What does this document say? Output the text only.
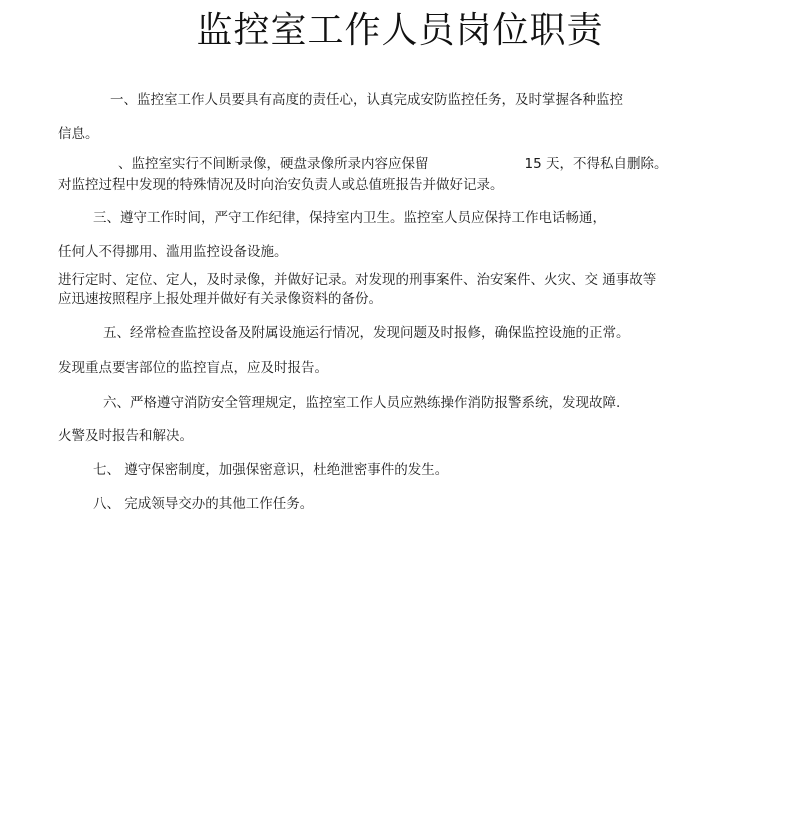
监控室工作人员岗位职责
一、监控室工作人员要具有高度的责任心，认真完成安防监控任务，及时掌握各种监控
信息。
、监控室实行不间断录像，硬盘录像所录内容应保留	15 天，不得私自删除。
对监控过程中发现的特殊情况及时向治安负责人或总值班报告并做好记录。
三、遵守工作时间，严守工作纪律，保持室内卫生。监控室人员应保持工作电话畅通，
任何人不得挪用、滥用监控设备设施。
进行定时、定位、定人，及时录像，并做好记录。对发现的刑事案件、治安案件、火灾、交 通事故等
应迅速按照程序上报处理并做好有关录像资料的备份。
五、经常检查监控设备及附属设施运行情况，发现问题及时报修，确保监控设施的正常。
发现重点要害部位的监控盲点，应及时报告。
六、严格遵守消防安全管理规定，监控室工作人员应熟练操作消防报警系统，发现故障.
火警及时报告和解决。
七、 遵守保密制度，加强保密意识，杜绝泄密事件的发生。
八、 完成领导交办的其他工作任务。
